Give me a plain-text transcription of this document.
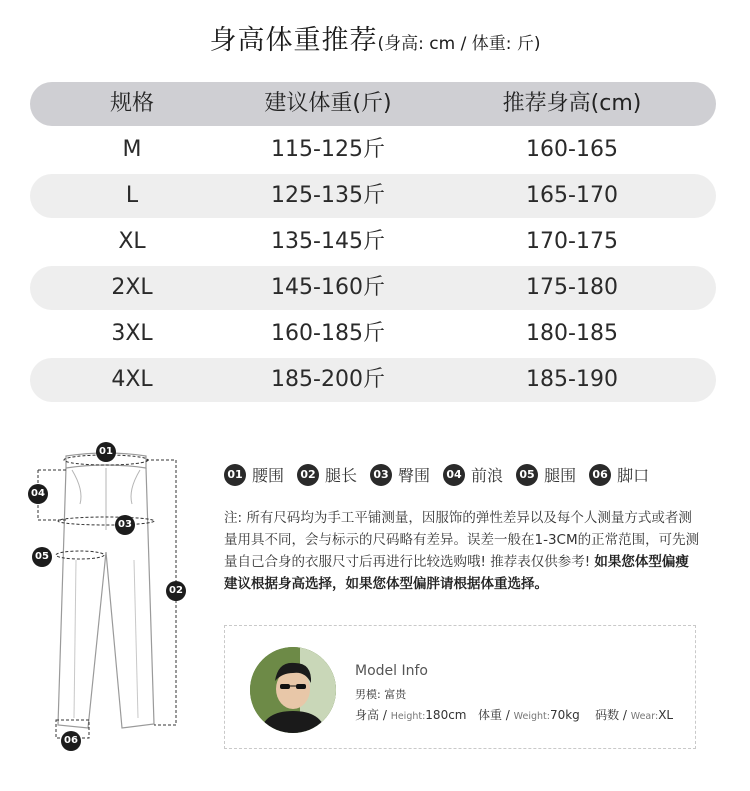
身高体重推荐(身高: cm / 体重: 斤)
规格	建议体重(斤)	推荐身高(cm)
M	115-125斤	160-165
L	125-135斤	165-170
XL	135-145斤	170-175
2XL	145-160斤	175-180
3XL	160-185斤	180-185
4XL	185-200斤	185-190
01
02
03
04
05
06
01 腰围	02 腿长	03 臀围	04 前浪	05 腿围	06 脚口
注: 所有尺码均为手工平铺测量，因服饰的弹性差异以及每个人测量方式或者测量用具不同，会与标示的尺码略有差异。误差一般在1-3CM的正常范围，可先测量自己合身的衣服尺寸后再进行比较选购哦! 推荐表仅供参考! 如果您体型偏瘦建议根据身高选择，如果您体型偏胖请根据体重选择。
Model Info
男模: 富贵
身高 / Height:180cm 体重 / Weight:70kg 码数 / Wear:XL
